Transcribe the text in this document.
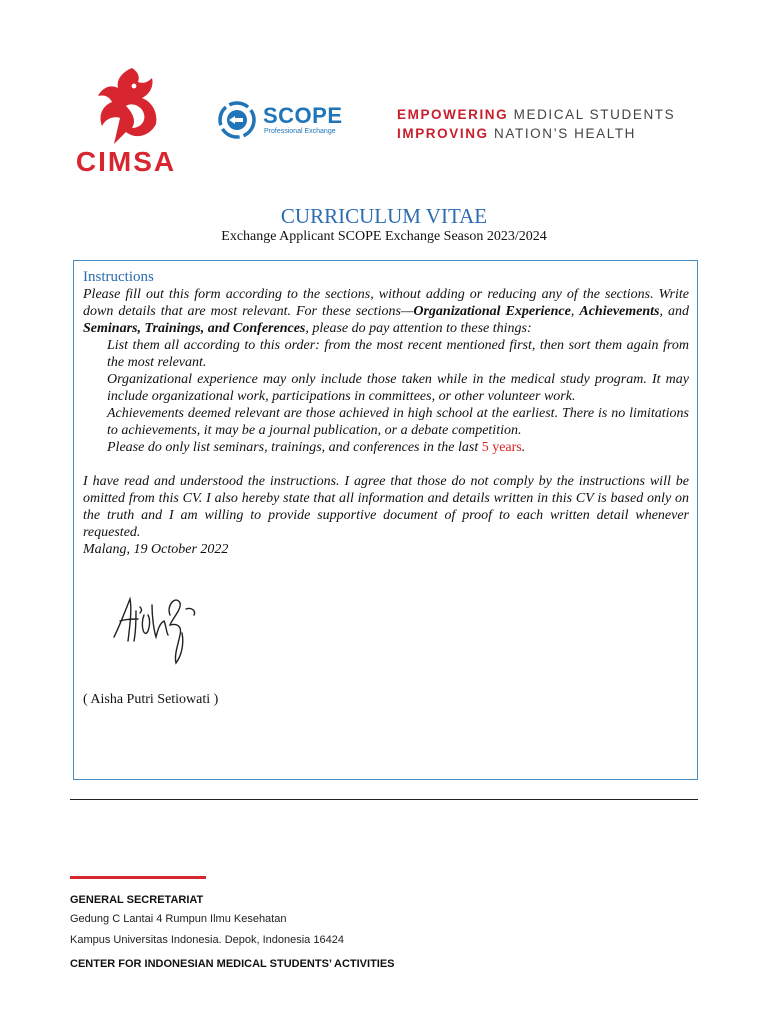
CIMSA
SCOPE
Professional Exchange
EMPOWERING MEDICAL STUDENTS
IMPROVING NATION’S HEALTH
CURRICULUM VITAE
Exchange Applicant SCOPE Exchange Season 2023/2024
Instructions

Please fill out this form according to the sections, without adding or reducing any of the sections. Write down details that are most relevant. For these sections—Organizational Experience, Achievements, and Seminars, Trainings, and Conferences, please do pay attention to these things:

List them all according to this order: from the most recent mentioned first, then sort them again from the most relevant.
Organizational experience may only include those taken while in the medical study program. It may include organizational work, participations in committees, or other volunteer work.
Achievements deemed relevant are those achieved in high school at the earliest. There is no limitations to achievements, it may be a journal publication, or a debate competition.
Please do only list seminars, trainings, and conferences in the last 5 years.

I have read and understood the instructions. I agree that those do not comply by the instructions will be omitted from this CV. I also hereby state that all information and details written in this CV is based only on the truth and I am willing to provide supportive document of proof to each written detail whenever requested.

Malang, 19 October 2022

( Aisha Putri Setiowati )
GENERAL SECRETARIAT
Gedung C Lantai 4 Rumpun Ilmu Kesehatan
Kampus Universitas Indonesia. Depok, Indonesia 16424
CENTER FOR INDONESIAN MEDICAL STUDENTS’ ACTIVITIES
